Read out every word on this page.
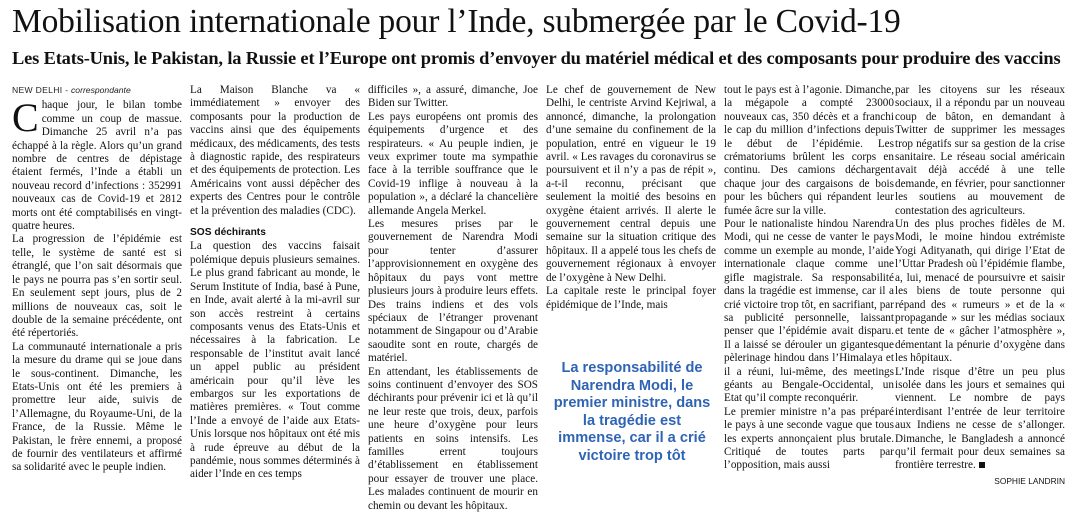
Mobilisation internationale pour l’Inde, submergée par le Covid-19
Les Etats-Unis, le Pakistan, la Russie et l’Europe ont promis d’envoyer du matériel médical et des composants pour produire des vaccins

NEW DELHI - correspondante

Chaque jour, le bilan tombe comme un coup de massue. Dimanche 25 avril n’a pas échappé à la règle. Alors qu’un grand nombre de centres de dépistage étaient fermés, l’Inde a établi un nouveau record d’infections : 352991 nouveaux cas de Covid-19 et 2812 morts ont été comptabilisés en vingt-quatre heures.

La progression de l’épidémie est telle, le système de santé est si étranglé, que l’on sait désormais que le pays ne pourra pas s’en sortir seul. En seulement sept jours, plus de 2 millions de nouveaux cas, soit le double de la semaine précédente, ont été répertoriés.

La communauté internationale a pris la mesure du drame qui se joue dans le sous-continent. Dimanche, les Etats-Unis ont été les premiers à promettre leur aide, suivis de l’Allemagne, du Royaume-Uni, de la France, de la Russie. Même le Pakistan, le frère ennemi, a proposé de fournir des ventilateurs et affirmé sa solidarité avec le peuple indien.

La Maison Blanche va « immédiatement » envoyer des composants pour la production de vaccins ainsi que des équipements médicaux, des médicaments, des tests à diagnostic rapide, des respirateurs et des équipements de protection. Les Américains vont aussi dépêcher des experts des Centres pour le contrôle et la prévention des maladies (CDC).

SOS déchirants

La question des vaccins faisait polémique depuis plusieurs semaines. Le plus grand fabricant au monde, le Serum Institute of India, basé à Pune, en Inde, avait alerté à la mi-avril sur son accès restreint à certains composants venus des Etats-Unis et nécessaires à la fabrication. Le responsable de l’institut avait lancé un appel public au président américain pour qu’il lève les embargos sur les exportations de matières premières. « Tout comme l’Inde a envoyé de l’aide aux Etats-Unis lorsque nos hôpitaux ont été mis à rude épreuve au début de la pandémie, nous sommes déterminés à aider l’Inde en ces temps

difficiles », a assuré, dimanche, Joe Biden sur Twitter.

Les pays européens ont promis des équipements d’urgence et des respirateurs. « Au peuple indien, je veux exprimer toute ma sympathie face à la terrible souffrance que le Covid-19 inflige à nouveau à la population », a déclaré la chancelière allemande Angela Merkel.

Les mesures prises par le gouvernement de Narendra Modi pour tenter d’assurer l’approvisionnement en oxygène des hôpitaux du pays vont mettre plusieurs jours à produire leurs effets. Des trains indiens et des vols spéciaux de l’étranger provenant notamment de Singapour ou d’Arabie saoudite sont en route, chargés de matériel.

En attendant, les établissements de soins continuent d’envoyer des SOS déchirants pour prévenir ici et là qu’il ne leur reste que trois, deux, parfois une heure d’oxygène pour leurs patients en soins intensifs. Les familles errent toujours d’établissement en établissement pour essayer de trouver une place. Les malades continuent de mourir en chemin ou devant les hôpitaux.

Le chef de gouvernement de New Delhi, le centriste Arvind Kejriwal, a annoncé, dimanche, la prolongation d’une semaine du confinement de la population, entré en vigueur le 19 avril. « Les ravages du coronavirus se poursuivent et il n’y a pas de répit », a-t-il reconnu, précisant que seulement la moitié des besoins en oxygène étaient arrivés. Il alerte le gouvernement central depuis une semaine sur la situation critique des hôpitaux. Il a appelé tous les chefs de gouvernement régionaux à envoyer de l’oxygène à New Delhi.

La capitale reste le principal foyer épidémique de l’Inde, mais

La responsabilité de Narendra Modi, le premier ministre, dans la tragédie est immense, car il a crié victoire trop tôt

tout le pays est à l’agonie. Dimanche, la mégapole a compté 23000 nouveaux cas, 350 décès et a franchi le cap du million d’infections depuis le début de l’épidémie. Les crématoriums brûlent les corps en continu. Des camions déchargent chaque jour des cargaisons de bois pour les bûchers qui répandent leur fumée âcre sur la ville.

Pour le nationaliste hindou Narendra Modi, qui ne cesse de vanter le pays comme un exemple au monde, l’aide internationale claque comme une gifle magistrale. Sa responsabilité dans la tragédie est immense, car il a crié victoire trop tôt, en sacrifiant, par sa publicité personnelle, laissant penser que l’épidémie avait disparu. Il a laissé se dérouler un gigantesque pèlerinage hindou dans l’Himalaya et il a réuni, lui-même, des meetings géants au Bengale-Occidental, un Etat qu’il compte reconquérir.

Le premier ministre n’a pas préparé le pays à une seconde vague que tous les experts annonçaient plus brutale. Critiqué de toutes parts par l’opposition, mais aussi

par les citoyens sur les réseaux sociaux, il a répondu par un nouveau coup de bâton, en demandant à Twitter de supprimer les messages trop négatifs sur sa gestion de la crise sanitaire. Le réseau social américain avait déjà accédé à une telle demande, en février, pour sanctionner les soutiens au mouvement de contestation des agriculteurs.

Un des plus proches fidèles de M. Modi, le moine hindou extrémiste Yogi Adityanath, qui dirige l’Etat de l’Uttar Pradesh où l’épidémie flambe, a, lui, menacé de poursuivre et saisir les biens de toute personne qui répand des « rumeurs » et de la « propagande » sur les médias sociaux et tente de « gâcher l’atmosphère », démentant la pénurie d’oxygène dans les hôpitaux.

L’Inde risque d’être un peu plus isolée dans les jours et semaines qui viennent. Le nombre de pays interdisant l’entrée de leur territoire aux Indiens ne cesse de s’allonger. Dimanche, le Bangladesh a annoncé qu’il fermait pour deux semaines sa frontière terrestre.

SOPHIE LANDRIN
